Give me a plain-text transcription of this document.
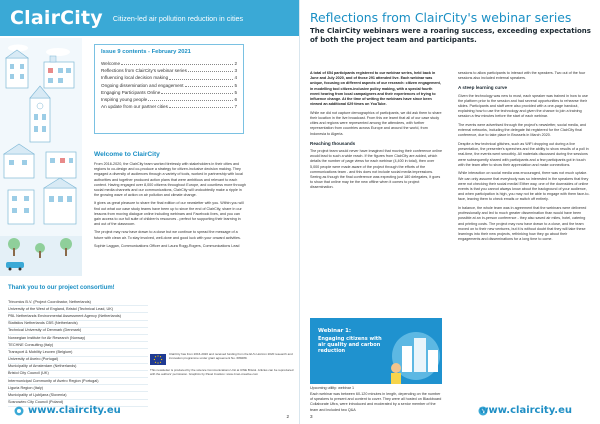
ClairCity Citizen-led air pollution reduction in cities
Issue 9 contents - February 2021
Welcome	2
Reflections from ClairCity's webinar series	3
Influencing local decision making	4
Ongoing dissemination and engagement	5
Engaging Participants Online	5
Inspiring young people	6
An update from our partner cities	7
Welcome to ClairCity

From 2016-2020, the ClairCity team worked tirelessly with stakeholders in their cities and regions to co-design and co-produce a strategy for citizen-inclusive decision making. They engaged a diversity of audiences through a variety of tools, worked in partnership with local authorities and together produced action plans that were ambitious and relevant to each context. Having engaged over 8,000 citizens throughout Europe, and countless more through social media channels and our communications, ClairCity will undoubtedly make a ripple in the growing wave of action on air pollution and climate change.

It gives us great pleasure to share the final edition of our newsletter with you. Within you will find out what our case study teams have been up to since the end of ClairCity, share in our lessons from moving dialogue online including webinars and Facebook lives, and you can gain access to our full suite of children's resources - perfect for supporting their learning in and out of the classroom.

The project may now have drawn to a close but we continue to spread the message of a future with clean air. To stay involved, well-done and good luck with your onward activities.

Sophie Laggan, Communications Officer and Laura Rogg-Rogers, Communications Lead

Thank you to our project consortium!
Trinomics B.V. (Project Coordinator, Netherlands)
University of the West of England, Bristol (Technical Lead, UK)
PBL Netherlands Environmental Assessment Agency (Netherlands)
Statistics Netherlands CBS (Netherlands)
Technical University of Denmark (Denmark)
Norwegian Institute for Air Research (Norway)
TECHNE Consulting (Italy)
Transport & Mobility Leuven (Belgium)
University of Aveiro (Portugal)
Municipality of Amsterdam (Netherlands)
Bristol City Council (UK)
Intermunicipal Community of Aveiro Region (Portugal)
Liguria Region (Italy)
Municipality of Ljubljana (Slovenia)
Sosnowiec City Council (Poland)
ClairCity has from 2016-2020 and received funding from the EU's Horizon 2020 research and innovation programme under grant agreement No. 689289.
This newsletter is produced by the science Communications Unit at UWE Bristol. Articles can be reproduced with the authors' permission. Graphics by Pavel Cvetkov: www.zmet-creative.com
www.claircity.eu
2
Reflections from ClairCity's webinar series
The ClairCity webinars were a roaring success, exceeding expectations of both the project team and participants.

A total of 654 participants registered to our webinar series, held back in June and July 2020, and of those 291 attended live. Each webinar was unique, focusing on different aspects of our research: citizen engagement, in modelling tool citizen-inclusive policy making, with a special fourth event hearing from local campaigners and their experiences of trying to influence change. At the time of writing the webinars have since been viewed an additional 629 times on YouTube.

While we did not capture demographics of participants, we did ask them to share their location in the live broadcast. From this we learnt that all of our case study cities and regions were represented among the attendees, with further representation from countries across Europe and around the world, from Indonesia to Algeria.

Reaching thousands

The project team would never have imagined that moving their conference online would lead to such a wide reach. If the figures from ClairCity are added, which details the number of page views for each webinar (4,400 in total), then over 5,000 people were made aware of the project through the efforts of the communications team - and this does not include social media impressions. Seeing as though the final conference was expecting just 180 delegates, it goes to show that online may be the new offline when it comes to project dissemination.

sessions to allow participants to interact with the speakers. Two out of the four sessions also included external speakers.

A steep learning curve

Given the technology was new to most, each speaker was trained in how to use the platform prior to the session and had several opportunities to rehearse their slides. Participants and staff were also provided with a one-page handout, explaining how to use the technology and given the chance to join a training session a few minutes before the start of each webinar.

The events were advertised through the project's newsletter, social media, and external networks, including the delegate list registered for the ClairCity final conference, due to take place in Brussels in March 2020.

Despite a few technical glitches, such as WiFi dropping out during a live presentation, the presenter's speeches and the ability to show results of a poll in real-time, the events went smoothly. All materials discussed during the sessions were subsequently shared with participants and a few participants got in touch with the team after to show their appreciation and make connections.

While interaction on social media was encouraged, there was not much uptake. We can only assume that everybody was so interested in the speakers that they were not checking their social media! Either way, one of the downsides of online events is that you cannot always know about the background of your audience, and when participation is high, you may not be able to engage with them face-to-face, leaving them to check emails or switch off entirely.

In balance, the whole team was in agreement that the webinars were delivered professionally and led to much greater dissemination than would have been possible at an in-person conference - they also saved air miles, hotel, catering and printing costs. The project may now have drawn to a close, and the team moved on to their new ventures, but it is without doubt that they will take these learnings into their new projects, rethinking how they go about their engagements and disseminations for a long time to come.

Webinar 1:
Engaging citizens with air quality and carbon reduction
Upcoming utility: webinar 1
3
www.claircity.eu
Each webinar was between 60-120 minutes in length, depending on the number of speakers to present and content to cover. They were all hosted on Blackboard Collaborate Ultra, were introduced and moderated by a senior member of the team and included two Q&A
